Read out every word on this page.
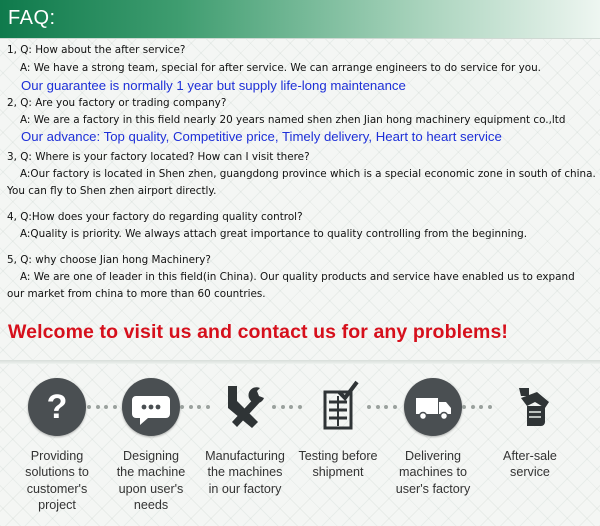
FAQ:
1, Q: How about the after service?
A: We have a strong team, special for after service. We can arrange engineers to do service for you.
Our guarantee is normally 1 year but supply life-long maintenance
2, Q: Are you factory or trading company?
A: We are a factory in this field nearly 20 years named shen zhen Jian hong machinery equipment co.,ltd
Our advance: Top quality, Competitive price, Timely delivery, Heart to heart service
3, Q: Where is your factory located? How can I visit there?
A:Our factory is located in Shen zhen, guangdong province which is a special economic zone in south of china.
You can fly to Shen zhen airport directly.
4, Q:How does your factory do regarding quality control?
A:Quality is priority. We always attach great importance to quality controlling from the beginning.
5, Q: why choose Jian hong Machinery?
A: We are one of leader in this field(in China). Our quality products and service have enabled us to expand
our market from china to more than 60 countries.
Welcome to visit us and contact us for any problems!
?
Providing
solutions to
customer's
project
Designing
the machine
upon user's
needs
Manufacturing
the machines
in our factory
Testing before
shipment
Delivering
machines to
user's factory
After-sale
service
